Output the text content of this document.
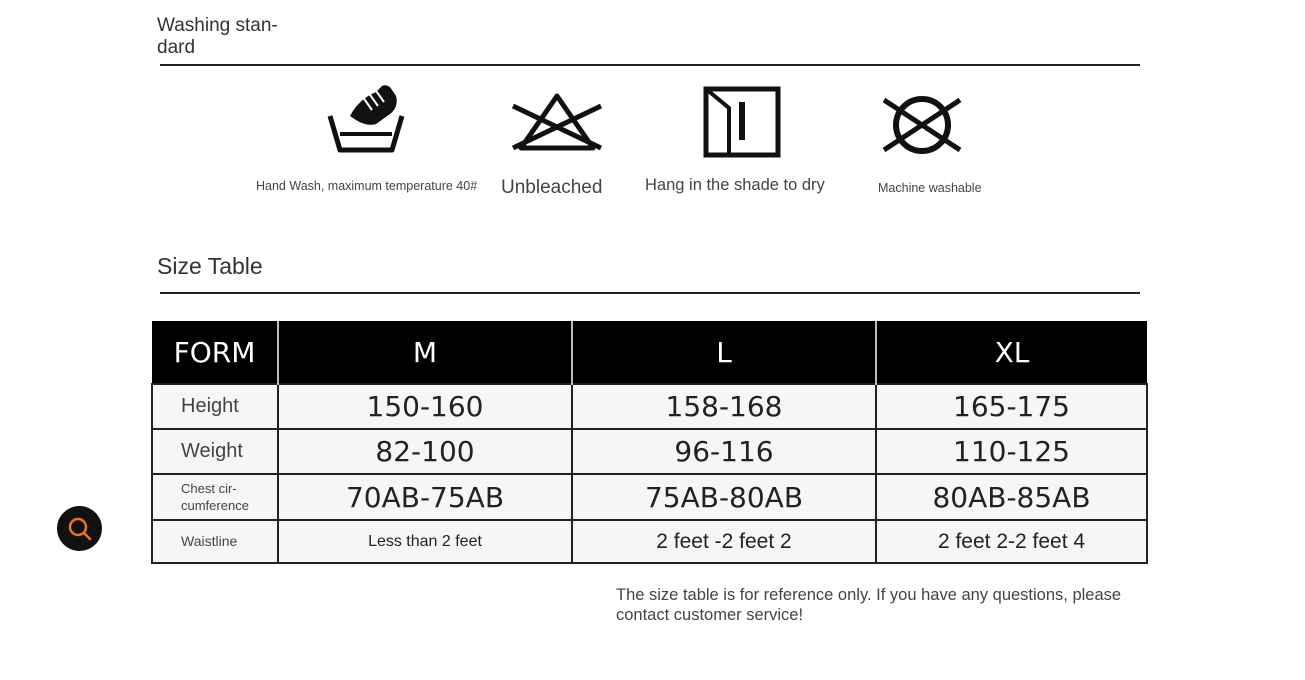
Washing stan-
dard
Hand Wash, maximum temperature 40# Unbleached	Hang in the shade to dry	Machine washable
Size Table
FORM	M	L	XL
Height	150-160	158-168	165-175
Weight	82-100	96-116	110-125
Chest cir-
cumference	70AB-75AB	75AB-80AB	80AB-85AB
Waistline	Less than 2 feet	2 feet -2 feet 2	2 feet 2-2 feet 4
The size table is for reference only. If you have any questions, please contact customer service!
